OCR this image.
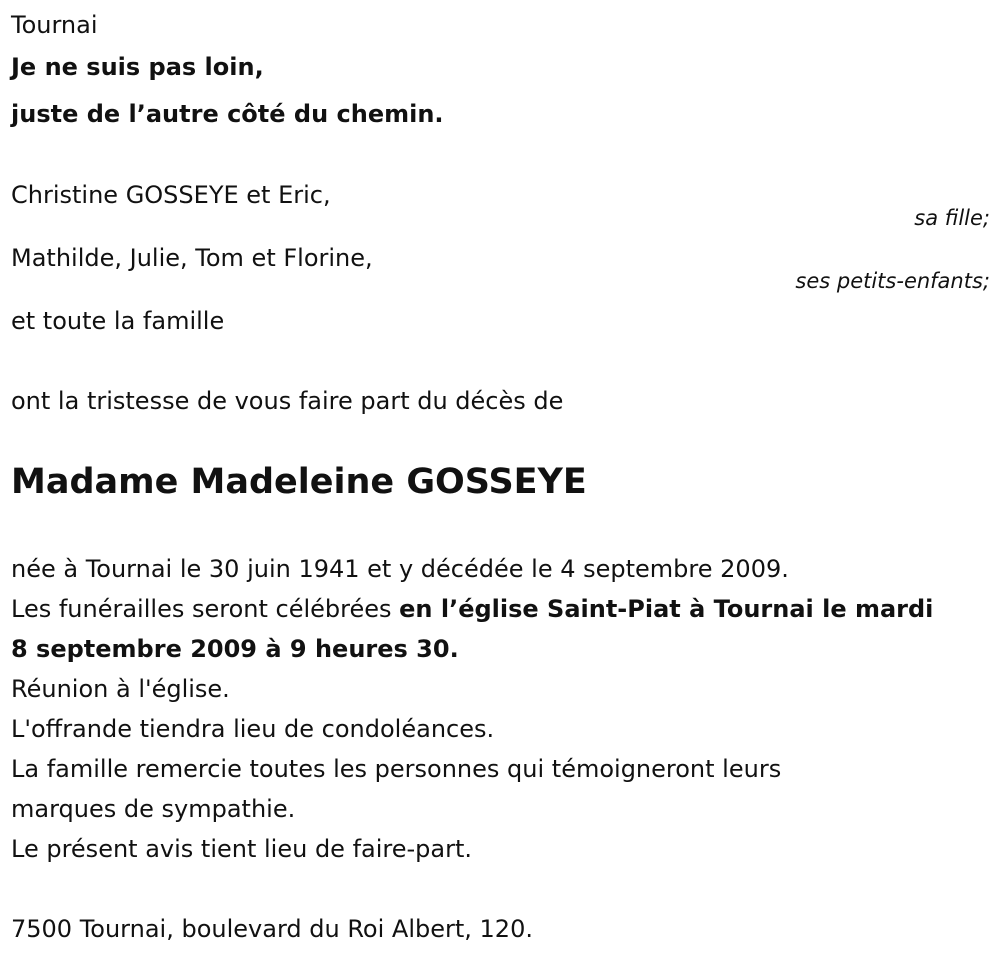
Tournai
Je ne suis pas loin,
juste de l’autre côté du chemin.
Christine GOSSEYE et Eric,
sa fille;
Mathilde, Julie, Tom et Florine,
ses petits-enfants;
et toute la famille
ont la tristesse de vous faire part du décès de
Madame Madeleine GOSSEYE
née à Tournai le 30 juin 1941 et y décédée le 4 septembre 2009.
Les funérailles seront célébrées en l’église Saint-Piat à Tournai le mardi
8 septembre 2009 à 9 heures 30.
Réunion à l'église.
L'offrande tiendra lieu de condoléances.
La famille remercie toutes les personnes qui témoigneront leurs
marques de sympathie.
Le présent avis tient lieu de faire-part.
7500 Tournai, boulevard du Roi Albert, 120.
